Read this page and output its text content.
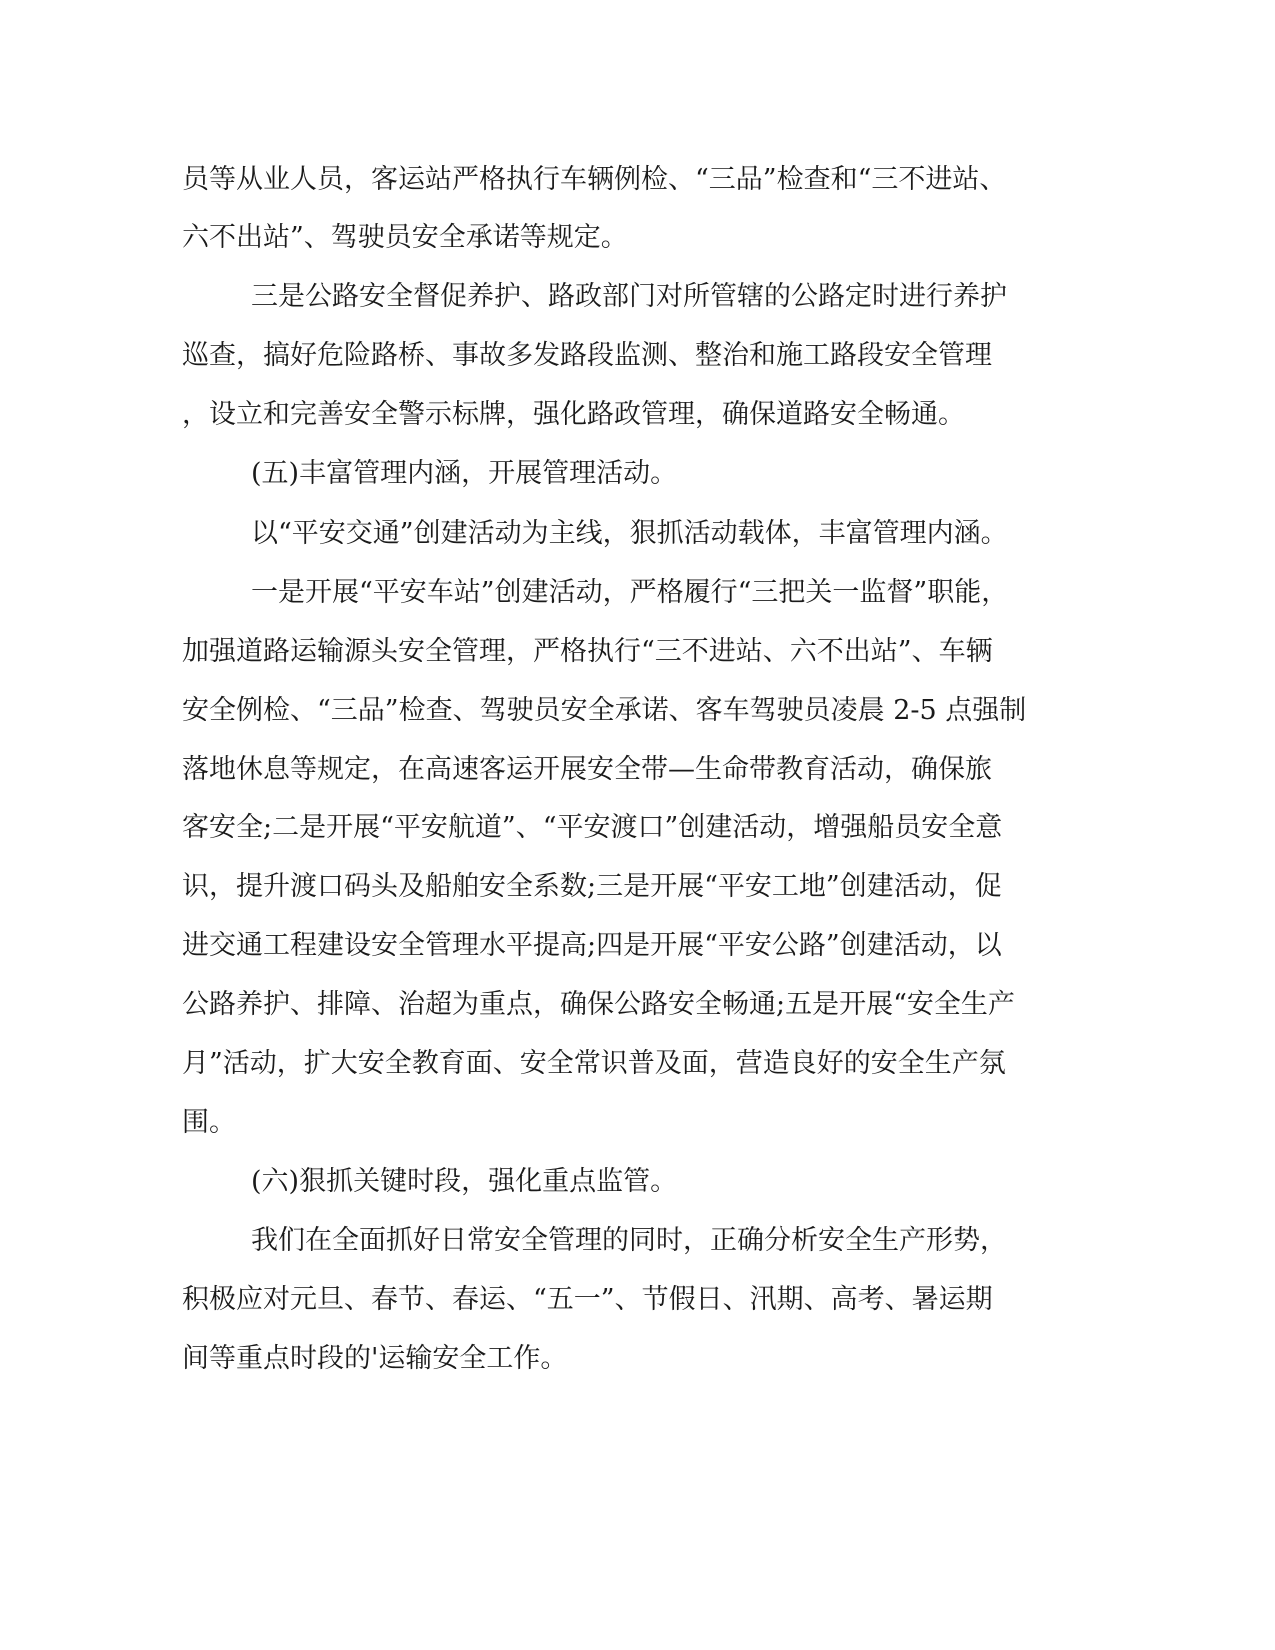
员等从业人员，客运站严格执行车辆例检、“三品”检查和“三不进站、

六不出站”、驾驶员安全承诺等规定。

三是公路安全督促养护、路政部门对所管辖的公路定时进行养护

巡查，搞好危险路桥、事故多发路段监测、整治和施工路段安全管理

，设立和完善安全警示标牌，强化路政管理，确保道路安全畅通。

(五)丰富管理内涵，开展管理活动。

以“平安交通”创建活动为主线，狠抓活动载体，丰富管理内涵。

一是开展“平安车站”创建活动，严格履行“三把关一监督”职能，

加强道路运输源头安全管理，严格执行“三不进站、六不出站”、车辆

安全例检、“三品”检查、驾驶员安全承诺、客车驾驶员凌晨 2-5 点强制

落地休息等规定，在高速客运开展安全带—生命带教育活动，确保旅

客安全;二是开展“平安航道”、“平安渡口”创建活动，增强船员安全意

识，提升渡口码头及船舶安全系数;三是开展“平安工地”创建活动，促

进交通工程建设安全管理水平提高;四是开展“平安公路”创建活动，以

公路养护、排障、治超为重点，确保公路安全畅通;五是开展“安全生产

月”活动，扩大安全教育面、安全常识普及面，营造良好的安全生产氛

围。

(六)狠抓关键时段，强化重点监管。

我们在全面抓好日常安全管理的同时，正确分析安全生产形势，

积极应对元旦、春节、春运、“五一”、节假日、汛期、高考、暑运期

间等重点时段的'运输安全工作。
